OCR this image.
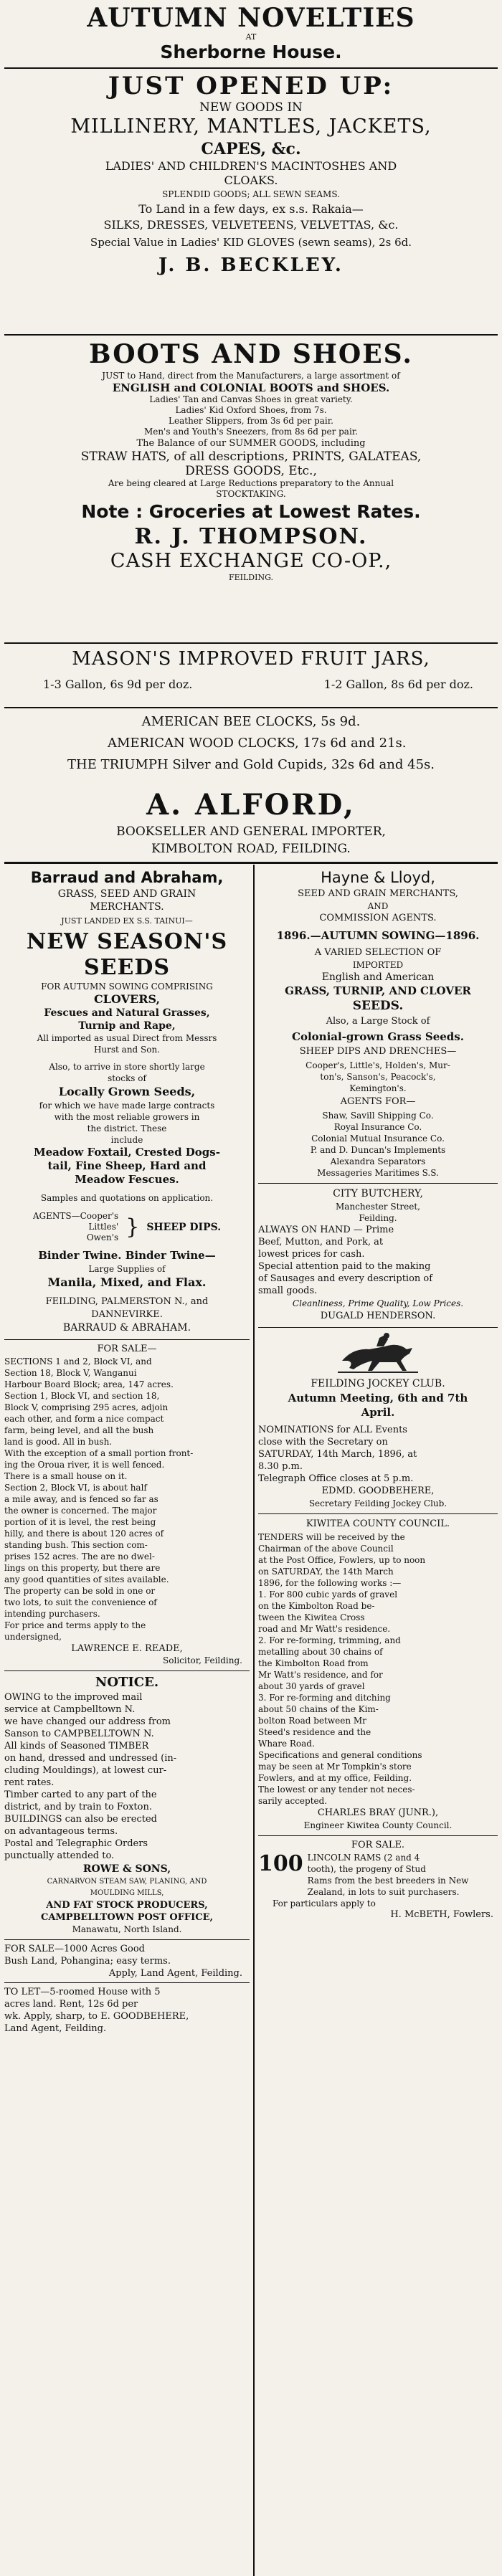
AUTUMN NOVELTIES
AT
Sherborne House.
JUST OPENED UP:
NEW GOODS IN
MILLINERY, MANTLES, JACKETS,
CAPES, &c.
LADIES' AND CHILDREN'S MACINTOSHES AND
CLOAKS.
SPLENDID GOODS; ALL SEWN SEAMS.
To Land in a few days, ex s.s. Rakaia—
SILKS, DRESSES, VELVETEENS, VELVETTAS, &c.
Special Value in Ladies' KID GLOVES (sewn seams), 2s 6d.
J. B. BECKLEY.
BOOTS AND SHOES.
JUST to Hand, direct from the Manufacturers, a large assortment of
ENGLISH and COLONIAL BOOTS and SHOES.
Ladies' Tan and Canvas Shoes in great variety.
Ladies' Kid Oxford Shoes, from 7s.
Leather Slippers, from 3s 6d per pair.
Men's and Youth's Sneezers, from 8s 6d per pair.
The Balance of our SUMMER GOODS, including
STRAW HATS, of all descriptions, PRINTS, GALATEAS,
DRESS GOODS, Etc.,
Are being cleared at Large Reductions preparatory to the Annual
STOCKTAKING.
Note : Groceries at Lowest Rates.
R. J. THOMPSON.
CASH EXCHANGE CO-OP.,
FEILDING.
MASON'S IMPROVED FRUIT JARS,
1-3 Gallon, 6s 9d per doz.	1-2 Gallon, 8s 6d per doz.
AMERICAN BEE CLOCKS, 5s 9d.
AMERICAN WOOD CLOCKS, 17s 6d and 21s.
THE TRIUMPH Silver and Gold Cupids, 32s 6d and 45s.
A. ALFORD,
BOOKSELLER AND GENERAL IMPORTER,
KIMBOLTON ROAD, FEILDING.
Barraud and Abraham,
GRASS, SEED AND GRAIN
MERCHANTS.
JUST LANDED EX S.S. TAINUI—
NEW SEASON'S
SEEDS
FOR AUTUMN SOWING COMPRISING
CLOVERS,
Fescues and Natural Grasses,
Turnip and Rape,
All imported as usual Direct from Messrs
Hurst and Son.
Also, to arrive in store shortly large
stocks of
Locally Grown Seeds,
for which we have made large contracts
with the most reliable growers in
the district. These
include
Meadow Foxtail, Crested Dogs-
tail, Fine Sheep, Hard and
Meadow Fescues.
Samples and quotations on application.
AGENTS—Cooper's
Littles'
Owen's } SHEEP DIPS.
Binder Twine. Binder Twine—
Large Supplies of
Manila, Mixed, and Flax.
FEILDING, PALMERSTON N., and
DANNEVIRKE.
BARRAUD & ABRAHAM.
FOR SALE—
SECTIONS 1 and 2, Block VI, and
Section 18, Block V, Wanganui
Harbour Board Block; area, 147 acres.
Section 1, Block VI, and section 18,
Block V, comprising 295 acres, adjoin
each other, and form a nice compact
farm, being level, and all the bush
land is good. All in bush.
With the exception of a small portion front-
ing the Oroua river, it is well fenced.
There is a small house on it.
Section 2, Block VI, is about half
a mile away, and is fenced so far as
the owner is concerned. The major
portion of it is level, the rest being
hilly, and there is about 120 acres of
standing bush. This section com-
prises 152 acres. The are no dwel-
lings on this property, but there are
any good quantities of sites available.
The property can be sold in one or
two lots, to suit the convenience of
intending purchasers.
For price and terms apply to the
undersigned,
LAWRENCE E. READE,
Solicitor, Feilding.
NOTICE.
OWING to the improved mail
service at Campbelltown N.
we have changed our address from
Sanson to CAMPBELLTOWN N.
All kinds of Seasoned TIMBER
on hand, dressed and undressed (in-
cluding Mouldings), at lowest cur-
rent rates.
Timber carted to any part of the
district, and by train to Foxton.
BUILDINGS can also be erected
on advantageous terms.
Postal and Telegraphic Orders
punctually attended to.
ROWE & SONS,
CARNARVON STEAM SAW, PLANING, AND
MOULDING MILLS,
AND FAT STOCK PRODUCERS,
CAMPBELLTOWN POST OFFICE,
Manawatu, North Island.
FOR SALE—1000 Acres Good
Bush Land, Pohangina; easy terms.
Apply, Land Agent, Feilding.
TO LET—5-roomed House with 5
acres land. Rent, 12s 6d per
wk. Apply, sharp, to E. GOODBEHERE,
Land Agent, Feilding.
Hayne & Lloyd,
SEED AND GRAIN MERCHANTS,
AND
COMMISSION AGENTS.
1896.—AUTUMN SOWING—1896.
A VARIED SELECTION OF
IMPORTED
English and American
GRASS, TURNIP, AND CLOVER
SEEDS.
Also, a Large Stock of
Colonial-grown Grass Seeds.
SHEEP DIPS AND DRENCHES—
Cooper's, Little's, Holden's, Mur-
ton's, Sanson's, Peacock's,
Kemington's.
AGENTS FOR—
Shaw, Savill Shipping Co.
Royal Insurance Co.
Colonial Mutual Insurance Co.
P. and D. Duncan's Implements
Alexandra Separators
Messageries Maritimes S.S.
CITY BUTCHERY,
Manchester Street,
Feilding.
ALWAYS ON HAND — Prime
Beef, Mutton, and Pork, at
lowest prices for cash.
Special attention paid to the making
of Sausages and every description of
small goods.
Cleanliness, Prime Quality, Low Prices.
DUGALD HENDERSON.
FEILDING JOCKEY CLUB.
Autumn Meeting, 6th and 7th
April.
NOMINATIONS for ALL Events
close with the Secretary on
SATURDAY, 14th March, 1896, at
8.30 p.m.
Telegraph Office closes at 5 p.m.
EDMD. GOODBEHERE,
Secretary Feilding Jockey Club.
KIWITEA COUNTY COUNCIL.
TENDERS will be received by the
Chairman of the above Council
at the Post Office, Fowlers, up to noon
on SATURDAY, the 14th March
1896, for the following works :—
1. For 800 cubic yards of gravel
on the Kimbolton Road be-
tween the Kiwitea Cross
road and Mr Watt's residence.
2. For re-forming, trimming, and
metalling about 30 chains of
the Kimbolton Road from
Mr Watt's residence, and for
about 30 yards of gravel
3. For re-forming and ditching
about 50 chains of the Kim-
bolton Road between Mr
Steed's residence and the
Whare Road.
Specifications and general conditions
may be seen at Mr Tompkin's store
Fowlers, and at my office, Feilding.
The lowest or any tender not neces-
sarily accepted.
CHARLES BRAY (JUNR.),
Engineer Kiwitea County Council.
FOR SALE.
100 LINCOLN RAMS (2 and 4
tooth), the progeny of Stud
Rams from the best breeders in New
Zealand, in lots to suit purchasers.
For particulars apply to
H. McBETH, Fowlers.
